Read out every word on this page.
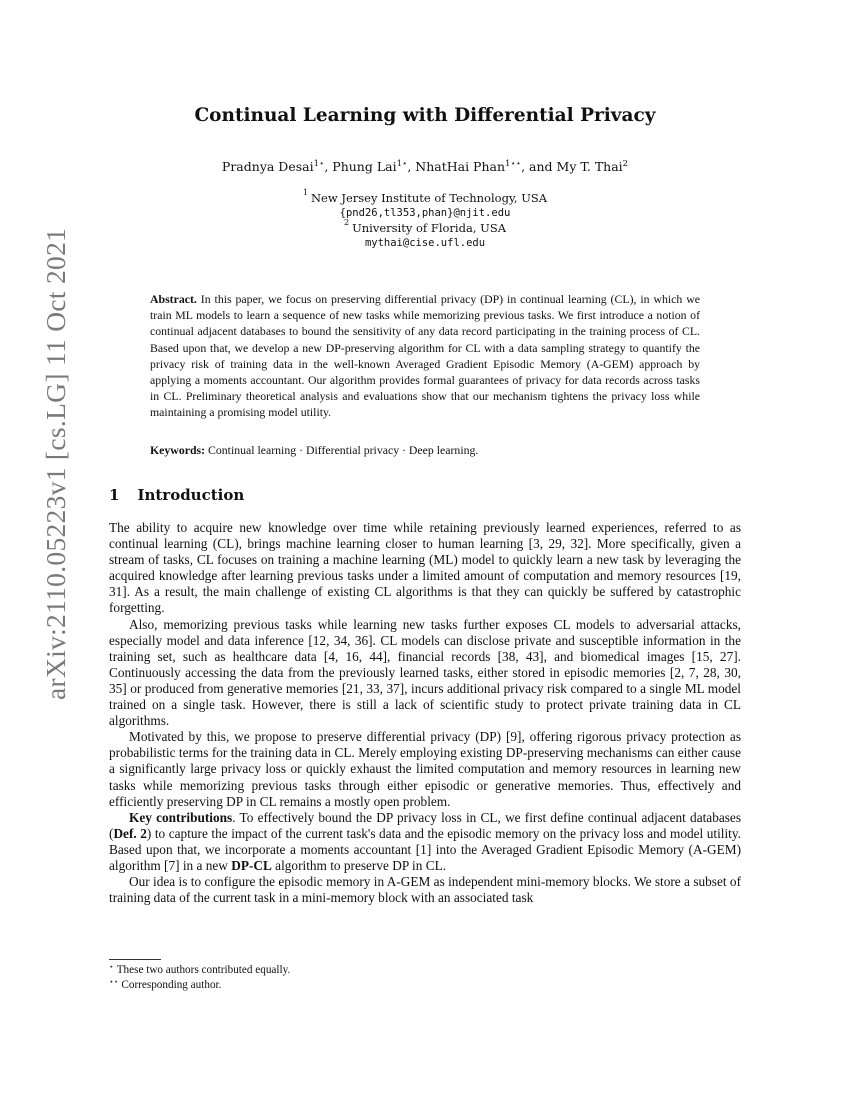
arXiv:2110.05223v1 [cs.LG] 11 Oct 2021
Continual Learning with Differential Privacy
Pradnya Desai$^{1⋆}$, Phung Lai$^{1⋆}$, NhatHai Phan$^{1⋆⋆}$, and My T. Thai$^2$
$^1$ New Jersey Institute of Technology, USA
{pnd26,tl353,phan}@njit.edu
$^2$ University of Florida, USA
mythai@cise.ufl.edu
Abstract. In this paper, we focus on preserving differential privacy (DP) in continual learning (CL), in which we train ML models to learn a sequence of new tasks while memorizing previous tasks. We first introduce a notion of continual adjacent databases to bound the sensitivity of any data record participating in the training process of CL. Based upon that, we develop a new DP-preserving algorithm for CL with a data sampling strategy to quantify the privacy risk of training data in the well-known Averaged Gradient Episodic Memory (A-GEM) approach by applying a moments accountant. Our algorithm provides formal guarantees of privacy for data records across tasks in CL. Preliminary theoretical analysis and evaluations show that our mechanism tightens the privacy loss while maintaining a promising model utility.
Keywords: Continual learning · Differential privacy · Deep learning.
1 Introduction

The ability to acquire new knowledge over time while retaining previously learned experiences, referred to as continual learning (CL), brings machine learning closer to human learning [3, 29, 32]. More specifically, given a stream of tasks, CL focuses on training a machine learning (ML) model to quickly learn a new task by leveraging the acquired knowledge after learning previous tasks under a limited amount of computation and memory resources [19, 31]. As a result, the main challenge of existing CL algorithms is that they can quickly be suffered by catastrophic forgetting.

Also, memorizing previous tasks while learning new tasks further exposes CL models to adversarial attacks, especially model and data inference [12, 34, 36]. CL models can disclose private and susceptible information in the training set, such as healthcare data [4, 16, 44], financial records [38, 43], and biomedical images [15, 27]. Continuously accessing the data from the previously learned tasks, either stored in episodic memories [2, 7, 28, 30, 35] or produced from generative memories [21, 33, 37], incurs additional privacy risk compared to a single ML model trained on a single task. However, there is still a lack of scientific study to protect private training data in CL algorithms.

Motivated by this, we propose to preserve differential privacy (DP) [9], offering rigorous privacy protection as probabilistic terms for the training data in CL. Merely employing existing DP-preserving mechanisms can either cause a significantly large privacy loss or quickly exhaust the limited computation and memory resources in learning new tasks while memorizing previous tasks through either episodic or generative memories. Thus, effectively and efficiently preserving DP in CL remains a mostly open problem.

Key contributions. To effectively bound the DP privacy loss in CL, we first define continual adjacent databases (Def. 2) to capture the impact of the current task's data and the episodic memory on the privacy loss and model utility. Based upon that, we incorporate a moments accountant [1] into the Averaged Gradient Episodic Memory (A-GEM) algorithm [7] in a new DP-CL algorithm to preserve DP in CL.

Our idea is to configure the episodic memory in A-GEM as independent mini-memory blocks. We store a subset of training data of the current task in a mini-memory block with an associated task

⋆ These two authors contributed equally.
⋆⋆ Corresponding author.
